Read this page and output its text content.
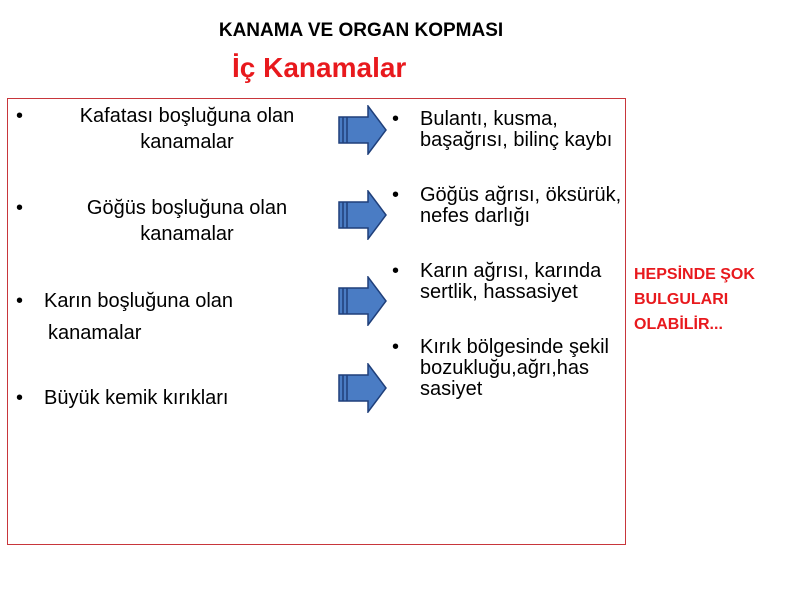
KANAMA VE ORGAN KOPMASI
İç Kanamalar
•	Kafatası boşluğuna olan kanamalar
•	Göğüs boşluğuna olan kanamalar
•	Karın boşluğuna olan
kanamalar
•	Büyük kemik kırıkları
•	Bulantı, kusma, başağrısı, bilinç kaybı
•	Göğüs ağrısı, öksürük, nefes darlığı
•	Karın ağrısı, karında sertlik, hassasiyet
•	Kırık bölgesinde şekil bozukluğu,ağrı,has sasiyet
HEPSİNDE ŞOK BULGULARI OLABİLİR...
